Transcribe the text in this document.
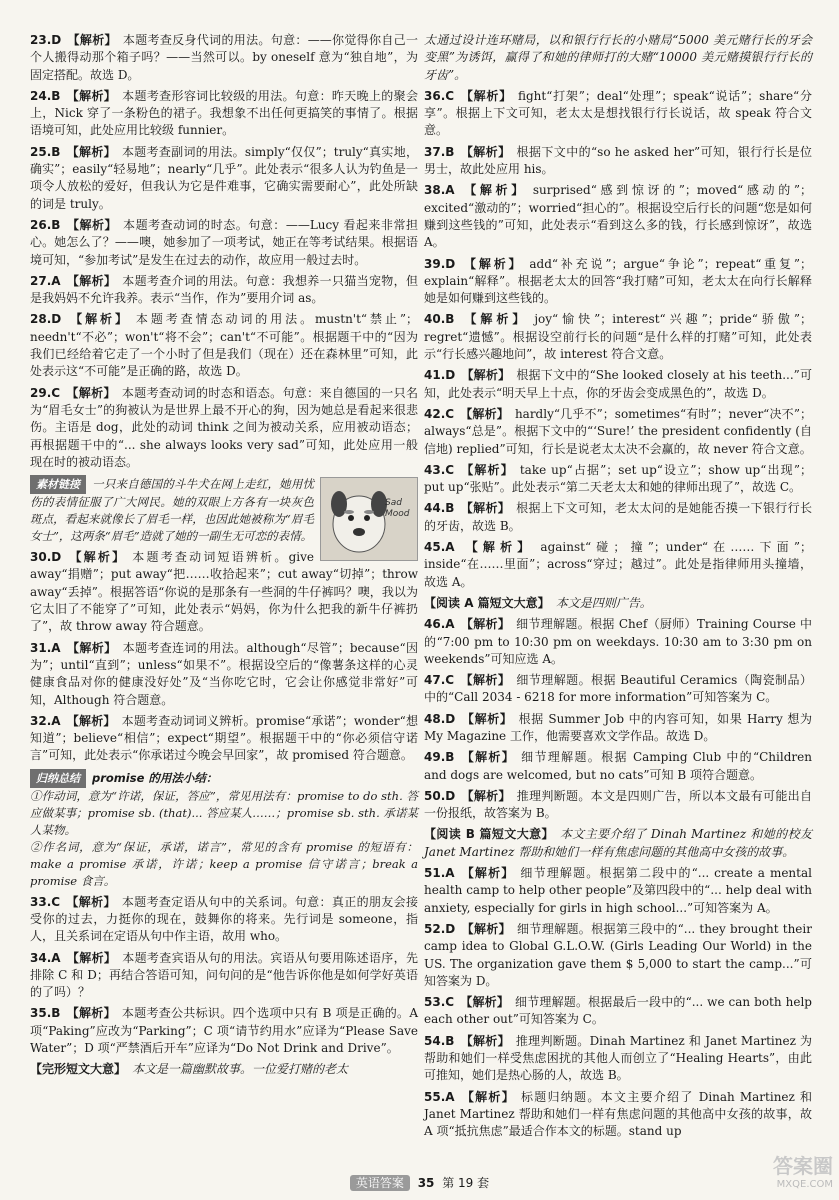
23.D 【 解析 】 本题考查反身代词的用法。句意：——你觉得你自己一个人搬得动那个箱子吗？——当然可以。by oneself 意为“独自地”，为固定搭配。故选 D。

24.B 【 解析 】 本题考查形容词比较级的用法。句意：昨天晚上的聚会上，Nick 穿了一条粉色的裙子。我想象不出任何更搞笑的事情了。根据语境可知，此处应用比较级 funnier。

25.B 【 解析 】 本题考查副词的用法。simply“仅仅”；truly“真实地，确实”；easily“轻易地”；nearly“几乎”。此处表示“很多人认为钓鱼是一项令人放松的爱好，但我认为它是件难事，它确实需要耐心”，此处所缺的词是 truly。

26.B 【 解析 】 本题考查动词的时态。句意：——Lucy 看起来非常担心。她怎么了？——噢，她参加了一项考试，她正在等考试结果。根据语境可知，“参加考试”是发生在过去的动作，故应用一般过去时。

27.A 【 解析 】 本题考查介词的用法。句意：我想养一只猫当宠物，但是我妈妈不允许我养。表示“当作，作为”要用介词 as。

28.D 【 解析 】 本题考查情态动词的用法。mustn't“禁止”；needn't“不必”；won't“将不会”；can't“不可能”。根据题干中的“因为我们已经给着它走了一个小时了但是我们（现在）还在森林里”可知，此处表示这“不可能”是正确的路，故选 D。

29.C 【 解析 】 本题考查动词的时态和语态。句意：来自德国的一只名为“眉毛女士”的狗被认为是世界上最不开心的狗，因为她总是看起来很悲伤。主语是 dog，此处的动词 think 之间为被动关系，应用被动语态；再根据题干中的“... she always looks very sad”可知，此处应用一般现在时的被动语态。

Sad Mood
素材链接 一只来自德国的斗牛犬在网上走红，她用忧伤的表情征服了广大网民。她的双眼上方各有一块灰色斑点，看起来就像长了眉毛一样，也因此她被称为“眉毛女士”，这两条“眉毛”造就了她的一副生无可恋的表情。

30.D 【 解析 】 本题考查动词短语辨析。give away“捐赠”；put away“把……收拾起来”；cut away“切掉”；throw away“丢掉”。根据答语“你说的是那条有一些洞的牛仔裤吗？噢，我以为它太旧了不能穿了”可知，此处表示“妈妈，你为什么把我的新牛仔裤扔了”，故 throw away 符合题意。

31.A 【 解析 】 本题考查连词的用法。although“尽管”；because“因为”；until“直到”；unless“如果不”。根据设空后的“像薯条这样的心灵健康食品对你的健康没好处”及“当你吃它时，它会让你感觉非常好”可知，Although 符合题意。

32.A 【 解析 】 本题考查动词词义辨析。promise“承诺”；wonder“想知道”；believe“相信”；expect“期望”。根据题干中的“你必须信守诺言”可知，此处表示“你承诺过今晚会早回家”，故 promised 符合题意。

归纳总结 promise 的用法小结：
①作动词，意为“许诺，保证，答应”，常见用法有：promise to do sth. 答应做某事；promise sb. (that)... 答应某人……；promise sb. sth. 承诺某人某物。
②作名词，意为“保证，承诺，诺言”，常见的含有 promise 的短语有：make a promise 承诺，许诺；keep a promise 信守诺言；break a promise 食言。

33.C 【 解析 】 本题考查定语从句中的关系词。句意：真正的朋友会接受你的过去，力挺你的现在，鼓舞你的将来。先行词是 someone，指人，且关系词在定语从句中作主语，故用 who。

34.A 【 解析 】 本题考查宾语从句的用法。宾语从句要用陈述语序，先排除 C 和 D；再结合答语可知，问句问的是“他告诉你他是如何学好英语的了吗）？

35.B 【 解析 】 本题考查公共标识。四个选项中只有 B 项是正确的。A 项“Paking”应改为“Parking”；C 项“请节约用水”应译为“Please Save Water”；D 项“严禁酒后开车”应译为“Do Not Drink and Drive”。

【 完形短文大意 】 本文是一篇幽默故事。一位爱打赌的老太

太通过设计连环赌局，以和银行行长的小赌局“5000 美元赌行长的牙会变黑”为诱饵，赢得了和她的律师打的大赌“10000 美元赌摸银行行长的牙齿”。

36.C 【 解析 】 fight“打架”；deal“处理”；speak“说话”；share“分享”。根据上下文可知，老太太是想找银行行长说话，故 speak 符合文意。

37.B 【 解析 】 根据下文中的“so he asked her”可知，银行行长是位男士，故此处应用 his。

38.A 【 解析 】 surprised“感到惊讶的”；moved“感动的”；excited“激动的”；worried“担心的”。根据设空后行长的问题“您是如何赚到这些钱的”可知，此处表示“看到这么多的钱，行长感到惊讶”，故选 A。

39.D 【 解析 】 add“补充说”；argue“争论”；repeat“重复”；explain“解释”。根据老太太的回答“我打赌”可知，老太太在向行长解释她是如何赚到这些钱的。

40.B 【 解析 】 joy“愉快”；interest“兴趣”；pride“骄傲”；regret“遗憾”。根据设空前行长的问题“是什么样的打赌”可知，此处表示“行长感兴趣地问”，故 interest 符合文意。

41.D 【 解析 】 根据下文中的“She looked closely at his teeth...”可知，此处表示“明天早上十点，你的牙齿会变成黑色的”，故选 D。

42.C 【 解析 】 hardly“几乎不”；sometimes“有时”；never“决不”；always“总是”。根据下文中的“‘Sure!’ the president confidently (自信地) replied”可知，行长是说老太太决不会赢的，故 never 符合文意。

43.C 【 解析 】 take up“占据”；set up“设立”；show up“出现”；put up“张贴”。此处表示“第二天老太太和她的律师出现了”，故选 C。

44.B 【 解析 】 根据上下文可知，老太太问的是她能否摸一下银行行长的牙齿，故选 B。

45.A 【 解析 】 against“碰；撞”；under“在……下面”；inside“在……里面”；across“穿过；越过”。此处是指律师用头撞墙，故选 A。

【 阅读 A 篇短文大意 】 本文是四则广告。

46.A 【 解析 】 细节理解题。根据 Chef（厨师）Training Course 中的“7:00 pm to 10:30 pm on weekdays. 10:30 am to 3:30 pm on weekends”可知应选 A。

47.C 【 解析 】 细节理解题。根据 Beautiful Ceramics（陶瓷制品）中的“Call 2034 - 6218 for more information”可知答案为 C。

48.D 【 解析 】 根据 Summer Job 中的内容可知，如果 Harry 想为 My Magazine 工作，他需要喜欢文学作品。故选 D。

49.B 【 解析 】 细节理解题。根据 Camping Club 中的“Children and dogs are welcomed, but no cats”可知 B 项符合题意。

50.D 【 解析 】 推理判断题。本文是四则广告，所以本文最有可能出自一份报纸，故答案为 B。

【 阅读 B 篇短文大意 】 本文主要介绍了 Dinah Martinez 和她的校友 Janet Martinez 帮助和她们一样有焦虑问题的其他高中女孩的故事。

51.A 【 解析 】 细节理解题。根据第二段中的“... create a mental health camp to help other people”及第四段中的“... help deal with anxiety, especially for girls in high school...”可知答案为 A。

52.D 【 解析 】 细节理解题。根据第三段中的“... they brought their camp idea to Global G.L.O.W. (Girls Leading Our World) in the US. The organization gave them $ 5,000 to start the camp...”可知答案为 D。

53.C 【 解析 】 细节理解题。根据最后一段中的“... we can both help each other out”可知答案为 C。

54.B 【 解析 】 推理判断题。Dinah Martinez 和 Janet Martinez 为帮助和她们一样受焦虑困扰的其他人而创立了“Healing Hearts”，由此可推知，她们是热心肠的人，故选 B。

55.A 【 解析 】 标题归纳题。本文主要介绍了 Dinah Martinez 和 Janet Martinez 帮助和她们一样有焦虑问题的其他高中女孩的故事，故 A 项“抵抗焦虑”最适合作本文的标题。stand up

英语答案 35 第 19 套
答案圈
MXQE.COM
